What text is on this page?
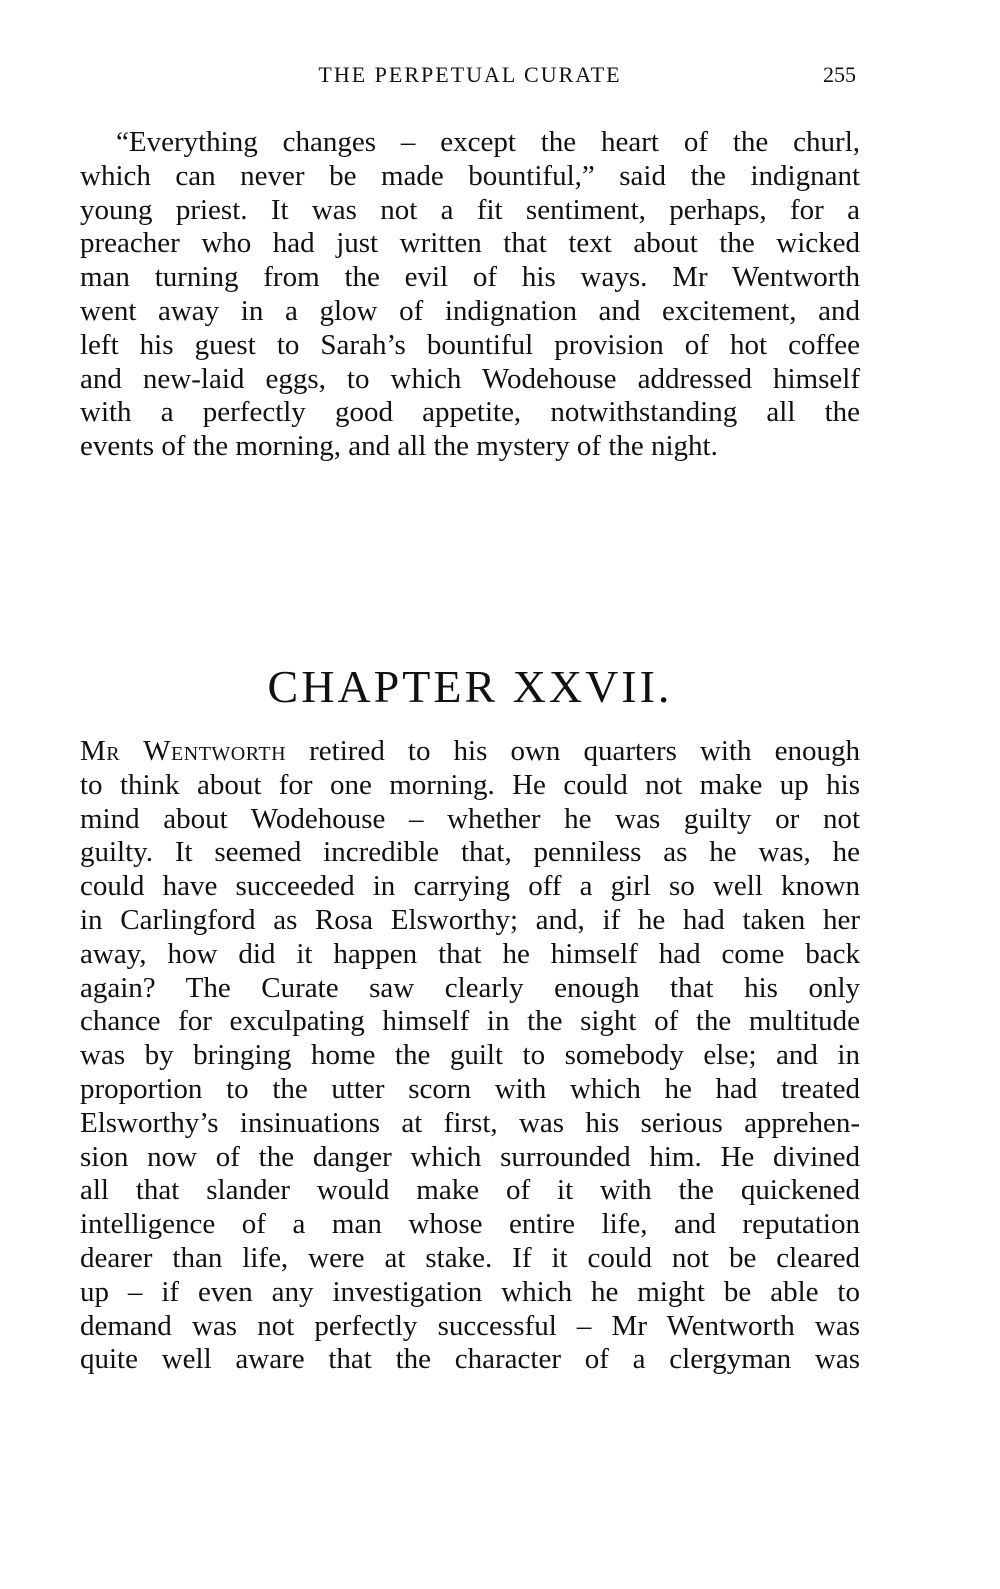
THE PERPETUAL CURATE	255
“Everything changes – except the heart of the churl,
which can never be made bountiful,” said the indignant
young priest. It was not a fit sentiment, perhaps, for a
preacher who had just written that text about the wicked
man turning from the evil of his ways. Mr Wentworth
went away in a glow of indignation and excitement, and
left his guest to Sarah’s bountiful provision of hot coffee
and new-laid eggs, to which Wodehouse addressed himself
with a perfectly good appetite, notwithstanding all the
events of the morning, and all the mystery of the night.
CHAPTER XXVII.
Mr Wentworth retired to his own quarters with enough
to think about for one morning. He could not make up his
mind about Wodehouse – whether he was guilty or not
guilty. It seemed incredible that, penniless as he was, he
could have succeeded in carrying off a girl so well known
in Carlingford as Rosa Elsworthy; and, if he had taken her
away, how did it happen that he himself had come back
again? The Curate saw clearly enough that his only
chance for exculpating himself in the sight of the multitude
was by bringing home the guilt to somebody else; and in
proportion to the utter scorn with which he had treated
Elsworthy’s insinuations at first, was his serious apprehen-
sion now of the danger which surrounded him. He divined
all that slander would make of it with the quickened
intelligence of a man whose entire life, and reputation
dearer than life, were at stake. If it could not be cleared
up – if even any investigation which he might be able to
demand was not perfectly successful – Mr Wentworth was
quite well aware that the character of a clergyman was
